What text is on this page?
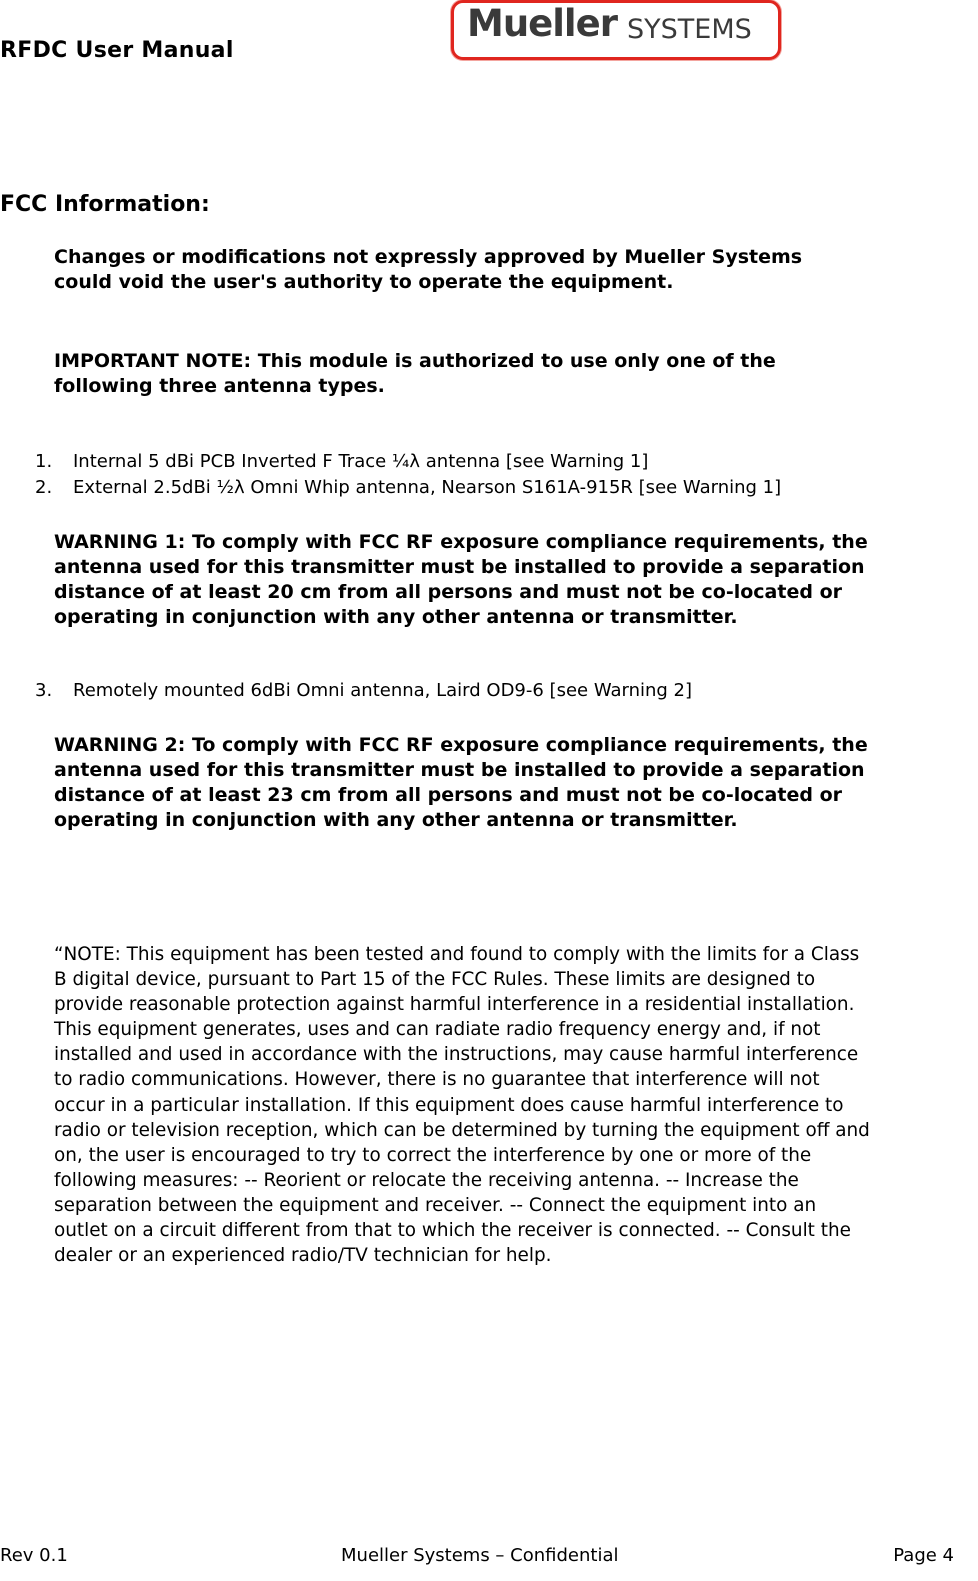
RFDC User Manual
Mueller SYSTEMS
FCC Information:
Changes or modifications not expressly approved by Mueller Systems
could void the user's authority to operate the equipment.
IMPORTANT NOTE: This module is authorized to use only one of the
following three antenna types.
1. Internal 5 dBi PCB Inverted F Trace ¼λ antenna [see Warning 1]
2. External 2.5dBi ½λ Omni Whip antenna, Nearson S161A-915R [see Warning 1]
WARNING 1: To comply with FCC RF exposure compliance requirements, the
antenna used for this transmitter must be installed to provide a separation
distance of at least 20 cm from all persons and must not be co-located or
operating in conjunction with any other antenna or transmitter.
3. Remotely mounted 6dBi Omni antenna, Laird OD9-6 [see Warning 2]
WARNING 2: To comply with FCC RF exposure compliance requirements, the
antenna used for this transmitter must be installed to provide a separation
distance of at least 23 cm from all persons and must not be co-located or
operating in conjunction with any other antenna or transmitter.
“NOTE: This equipment has been tested and found to comply with the limits for a Class
B digital device, pursuant to Part 15 of the FCC Rules. These limits are designed to
provide reasonable protection against harmful interference in a residential installation.
This equipment generates, uses and can radiate radio frequency energy and, if not
installed and used in accordance with the instructions, may cause harmful interference
to radio communications. However, there is no guarantee that interference will not
occur in a particular installation. If this equipment does cause harmful interference to
radio or television reception, which can be determined by turning the equipment off and
on, the user is encouraged to try to correct the interference by one or more of the
following measures: -- Reorient or relocate the receiving antenna. -- Increase the
separation between the equipment and receiver. -- Connect the equipment into an
outlet on a circuit different from that to which the receiver is connected. -- Consult the
dealer or an experienced radio/TV technician for help.
Rev 0.1	Mueller Systems – Confidential	Page 4
